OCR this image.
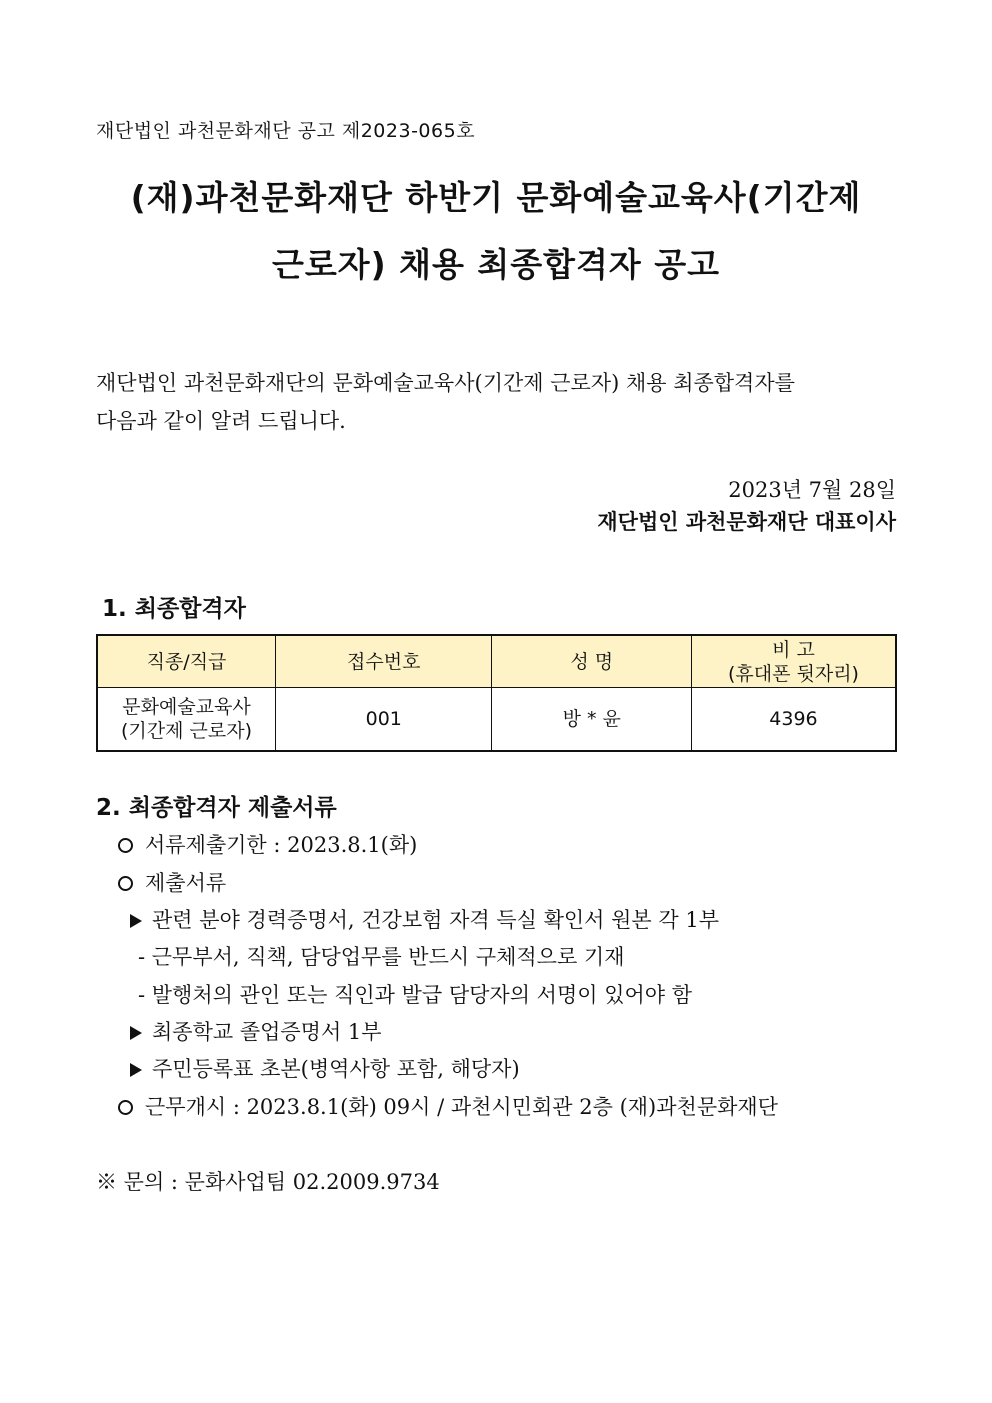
재단법인 과천문화재단 공고 제2023-065호
(재)과천문화재단 하반기 문화예술교육사(기간제
근로자) 채용 최종합격자 공고
재단법인 과천문화재단의 문화예술교육사(기간제 근로자) 채용 최종합격자를
다음과 같이 알려 드립니다.
2023년 7월 28일
재단법인 과천문화재단 대표이사
1. 최종합격자
직종/직급	접수번호	성 명	비 고
(휴대폰 뒷자리)

문화예술교육사
(기간제 근로자)	001	방 * 윤	4396
2. 최종합격자 제출서류
서류제출기한 : 2023.8.1(화)
제출서류
관련 분야 경력증명서, 건강보험 자격 득실 확인서 원본 각 1부
- 근무부서, 직책, 담당업무를 반드시 구체적으로 기재
- 발행처의 관인 또는 직인과 발급 담당자의 서명이 있어야 함
최종학교 졸업증명서 1부
주민등록표 초본(병역사항 포함, 해당자)
근무개시 : 2023.8.1(화) 09시 / 과천시민회관 2층 (재)과천문화재단
※ 문의 : 문화사업팀 02.2009.9734
